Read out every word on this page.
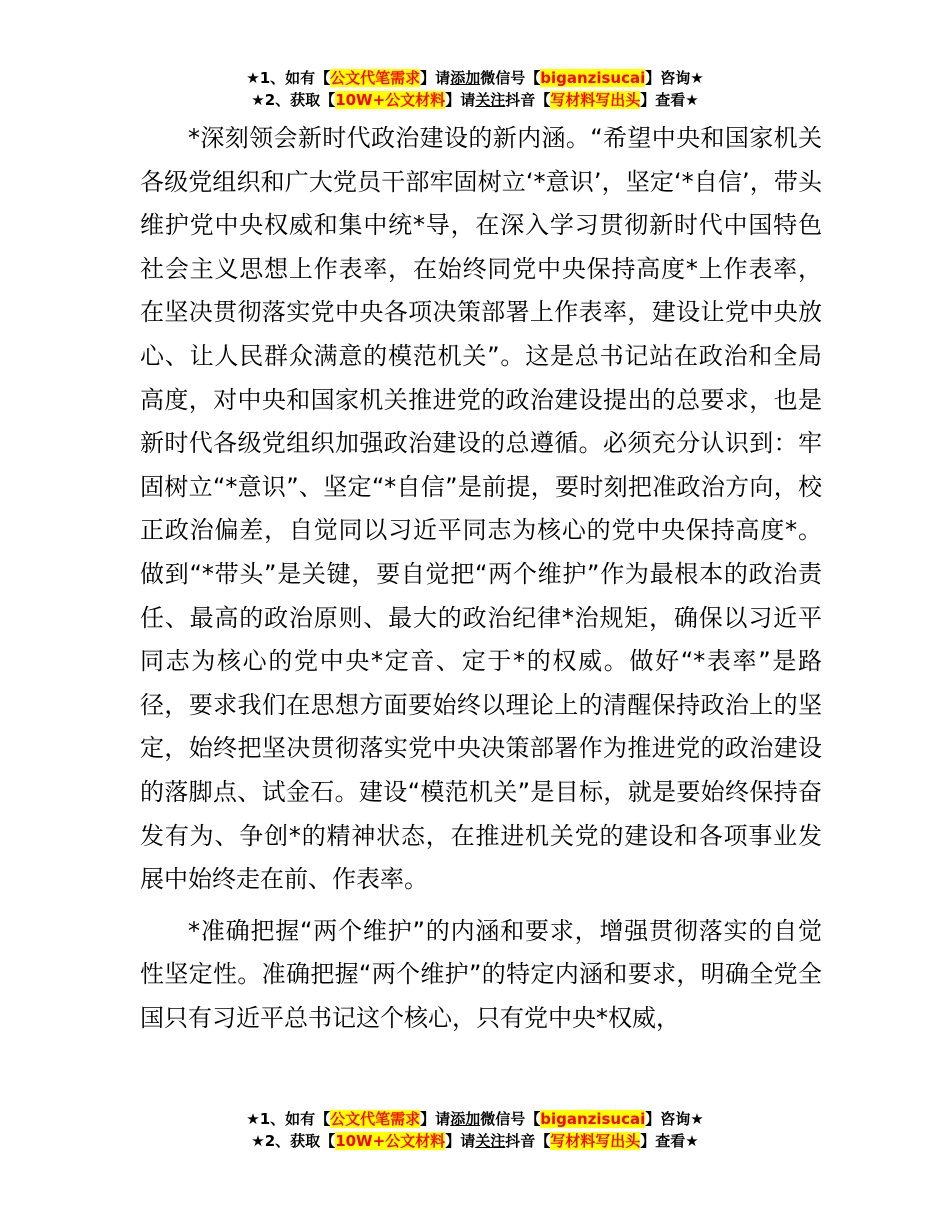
★1、如有【公文代笔需求】请添加微信号【biganzisucai】咨询★
★2、获取【10W+公文材料】请关注抖音【写材料写出头】查看★

*深刻领会新时代政治建设的新内涵。“希望中央和国家机关各级党组织和广大党员干部牢固树立‘*意识’，坚定‘*自信’，带头维护党中央权威和集中统*导，在深入学习贯彻新时代中国特色社会主义思想上作表率，在始终同党中央保持高度*上作表率，在坚决贯彻落实党中央各项决策部署上作表率，建设让党中央放心、让人民群众满意的模范机关”。这是总书记站在政治和全局高度，对中央和国家机关推进党的政治建设提出的总要求，也是新时代各级党组织加强政治建设的总遵循。必须充分认识到：牢固树立“*意识”、坚定“*自信”是前提，要时刻把准政治方向，校正政治偏差，自觉同以习近平同志为核心的党中央保持高度*。做到“*带头”是关键，要自觉把“两个维护”作为最根本的政治责任、最高的政治原则、最大的政治纪律*治规矩，确保以习近平同志为核心的党中央*定音、定于*的权威。做好“*表率”是路径，要求我们在思想方面要始终以理论上的清醒保持政治上的坚定，始终把坚决贯彻落实党中央决策部署作为推进党的政治建设的落脚点、试金石。建设“模范机关”是目标，就是要始终保持奋发有为、争创*的精神状态，在推进机关党的建设和各项事业发展中始终走在前、作表率。

*准确把握“两个维护”的内涵和要求，增强贯彻落实的自觉性坚定性。准确把握“两个维护”的特定内涵和要求，明确全党全国只有习近平总书记这个核心，只有党中央*权威，

★1、如有【公文代笔需求】请添加微信号【biganzisucai】咨询★
★2、获取【10W+公文材料】请关注抖音【写材料写出头】查看★
